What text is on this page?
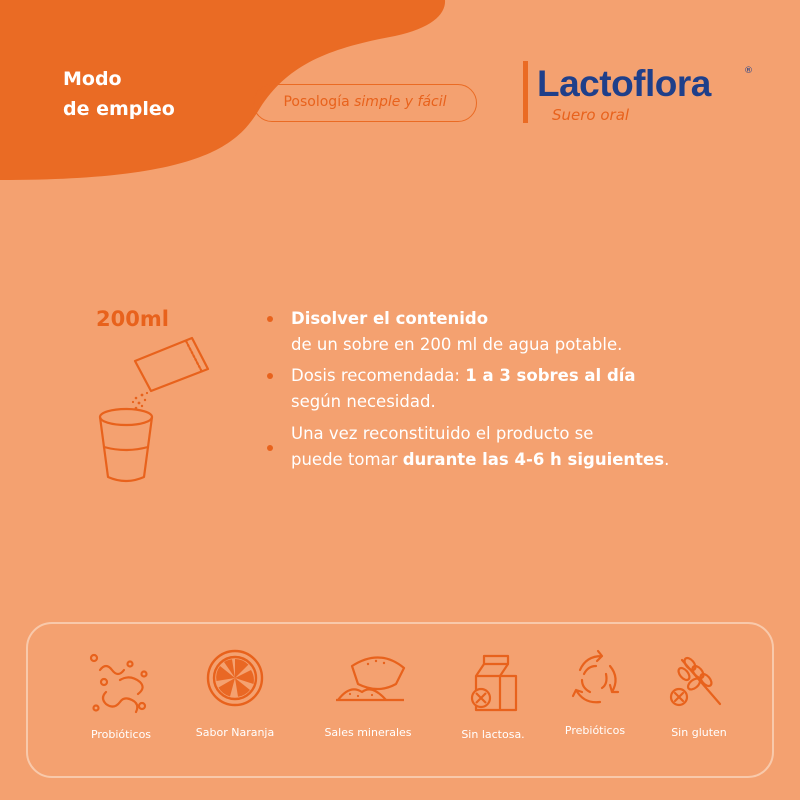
Modo
de empleo	Posología simple y fácil	Lactoflora	®
Suero oral
200ml	Disolver el contenido
de un sobre en 200 ml de agua potable.
Dosis recomendada: 1 a 3 sobres al día
según necesidad.
Una vez reconstituido el producto se
puede tomar durante las 4-6 h siguientes.
Probióticos	Sabor Naranja	Sales minerales	Sin lactosa.	Prebióticos	Sin gluten
